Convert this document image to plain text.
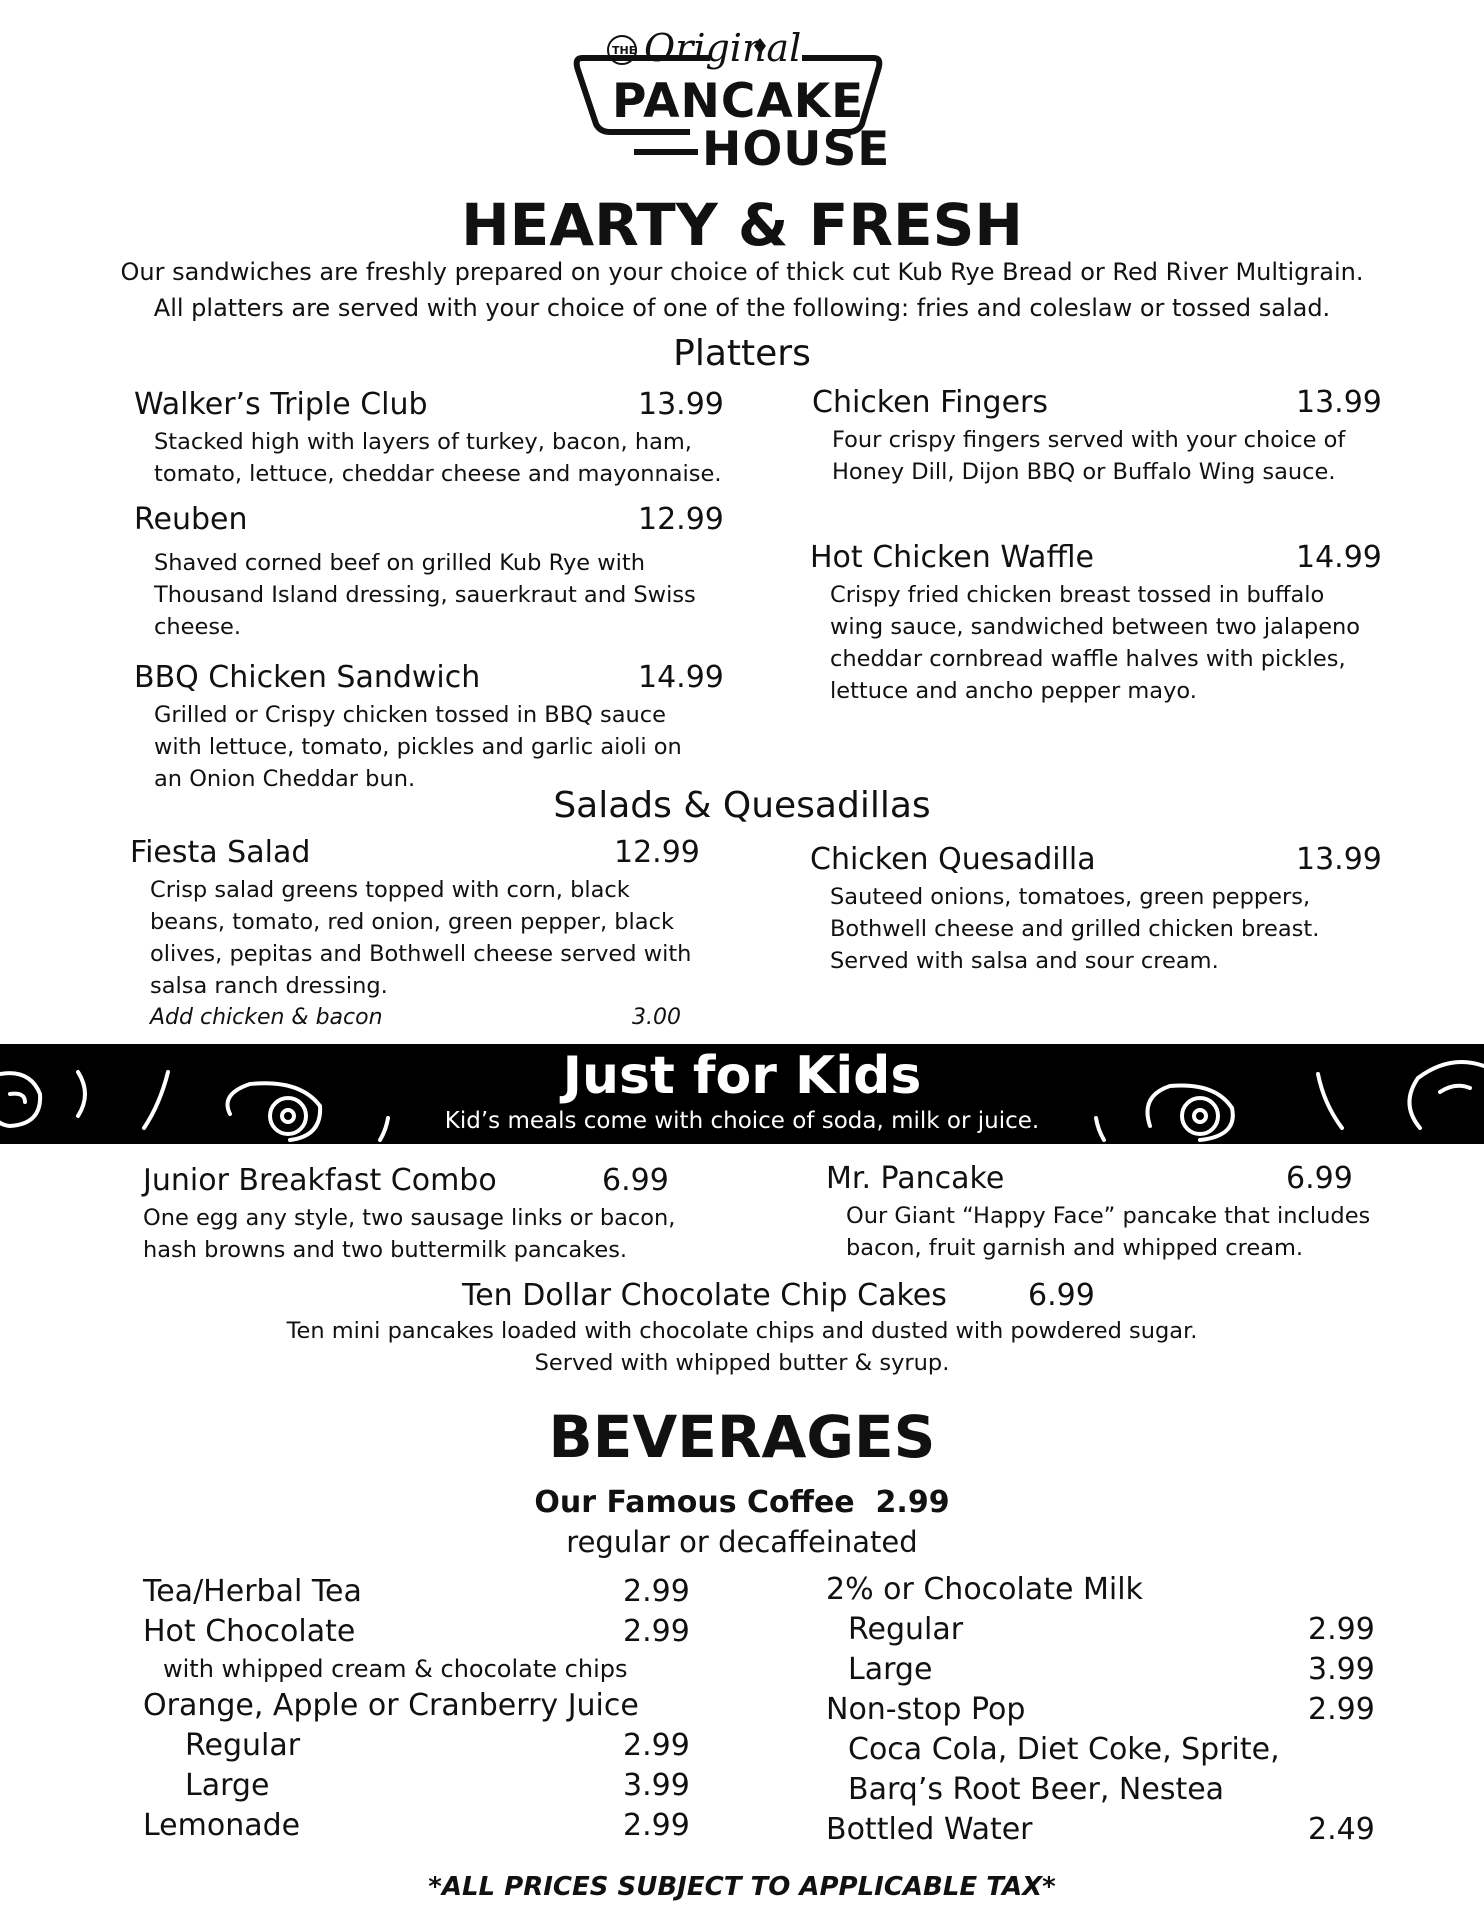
THE Original
PANCAKE
HOUSE
HEARTY & FRESH
Our sandwiches are freshly prepared on your choice of thick cut Kub Rye Bread or Red River Multigrain.
All platters are served with your choice of one of the following: fries and coleslaw or tossed salad.
Platters
Walker’s Triple Club	13.99
Stacked high with layers of turkey, bacon, ham, tomato, lettuce, cheddar cheese and mayonnaise.
Reuben	12.99
Shaved corned beef on grilled Kub Rye with Thousand Island dressing, sauerkraut and Swiss cheese.
BBQ Chicken Sandwich	14.99
Grilled or Crispy chicken tossed in BBQ sauce with lettuce, tomato, pickles and garlic aioli on an Onion Cheddar bun.
Chicken Fingers	13.99
Four crispy fingers served with your choice of Honey Dill, Dijon BBQ or Buffalo Wing sauce.
Hot Chicken Waffle	14.99
Crispy fried chicken breast tossed in buffalo wing sauce, sandwiched between two jalapeno cheddar cornbread waffle halves with pickles, lettuce and ancho pepper mayo.
Salads & Quesadillas
Fiesta Salad	12.99
Crisp salad greens topped with corn, black beans, tomato, red onion, green pepper, black olives, pepitas and Bothwell cheese served with salsa ranch dressing.
Add chicken & bacon	3.00
Chicken Quesadilla	13.99
Sauteed onions, tomatoes, green peppers, Bothwell cheese and grilled chicken breast. Served with salsa and sour cream.
Just for Kids
Kid’s meals come with choice of soda, milk or juice.
Junior Breakfast Combo	6.99
One egg any style, two sausage links or bacon, hash browns and two buttermilk pancakes.
Mr. Pancake	6.99
Our Giant “Happy Face” pancake that includes bacon, fruit garnish and whipped cream.
Ten Dollar Chocolate Chip Cakes	6.99
Ten mini pancakes loaded with chocolate chips and dusted with powdered sugar.
Served with whipped butter & syrup.
BEVERAGES
Our Famous Coffee 2.99
regular or decaffeinated
Tea/Herbal Tea	2.99
Hot Chocolate	2.99
with whipped cream & chocolate chips
Orange, Apple or Cranberry Juice
Regular	2.99
Large	3.99
Lemonade	2.99
2% or Chocolate Milk
Regular	2.99
Large	3.99
Non-stop Pop	2.99
Coca Cola, Diet Coke, Sprite,
Barq’s Root Beer, Nestea
Bottled Water	2.49
*ALL PRICES SUBJECT TO APPLICABLE TAX*
